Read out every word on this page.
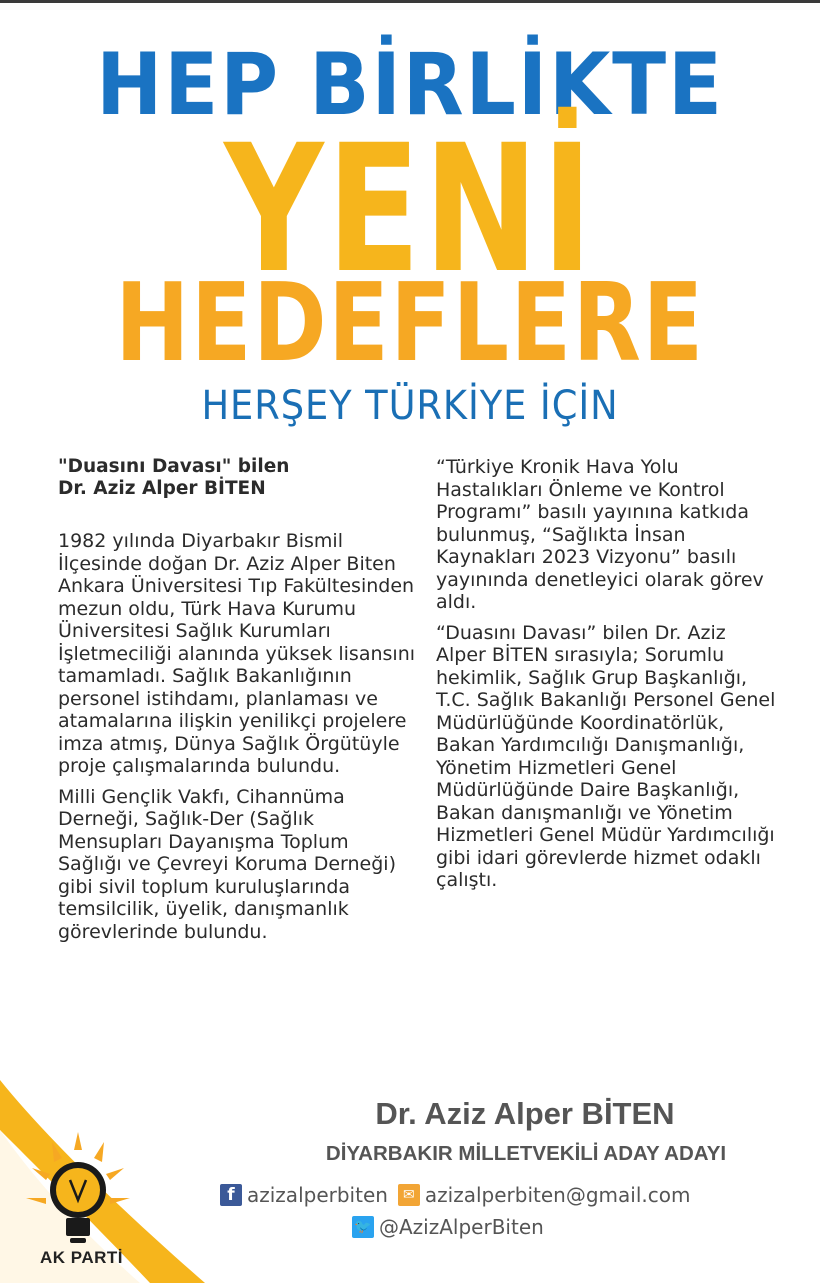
HEP BİRLİKTE
YENİ
HEDEFLERE
HERŞEY TÜRKİYE İÇİN

"Duasını Davası" bilen
Dr. Aziz Alper BİTEN

1982 yılında Diyarbakır Bismil İlçesinde doğan Dr. Aziz Alper Biten Ankara Üniversitesi Tıp Fakültesinden mezun oldu, Türk Hava Kurumu Üniversitesi Sağlık Kurumları İşletmeciliği alanında yüksek lisansını tamamladı. Sağlık Bakanlığının personel istihdamı, planlaması ve atamalarına ilişkin yenilikçi projelere imza atmış, Dünya Sağlık Örgütüyle proje çalışmalarında bulundu.

Milli Gençlik Vakfı, Cihannüma Derneği, Sağlık-Der (Sağlık Mensupları Dayanışma Toplum Sağlığı ve Çevreyi Koruma Derneği) gibi sivil toplum kuruluşlarında temsilcilik, üyelik, danışmanlık görevlerinde bulundu.

“Türkiye Kronik Hava Yolu Hastalıkları Önleme ve Kontrol Programı” basılı yayınına katkıda bulunmuş, “Sağlıkta İnsan Kaynakları 2023 Vizyonu” basılı yayınında denetleyici olarak görev aldı.

“Duasını Davası” bilen Dr. Aziz Alper BİTEN sırasıyla; Sorumlu hekimlik, Sağlık Grup Başkanlığı, T.C. Sağlık Bakanlığı Personel Genel Müdürlüğünde Koordinatörlük, Bakan Yardımcılığı Danışmanlığı, Yönetim Hizmetleri Genel Müdürlüğünde Daire Başkanlığı, Bakan danışmanlığı ve Yönetim Hizmetleri Genel Müdür Yardımcılığı gibi idari görevlerde hizmet odaklı çalıştı.

AK PARTİ
Dr. Aziz Alper BİTEN
DİYARBAKIR MİLLETVEKİLİ ADAY ADAYI
f azizalperbiten	✉ azizalperbiten@gmail.com
🐦 @AzizAlperBiten
